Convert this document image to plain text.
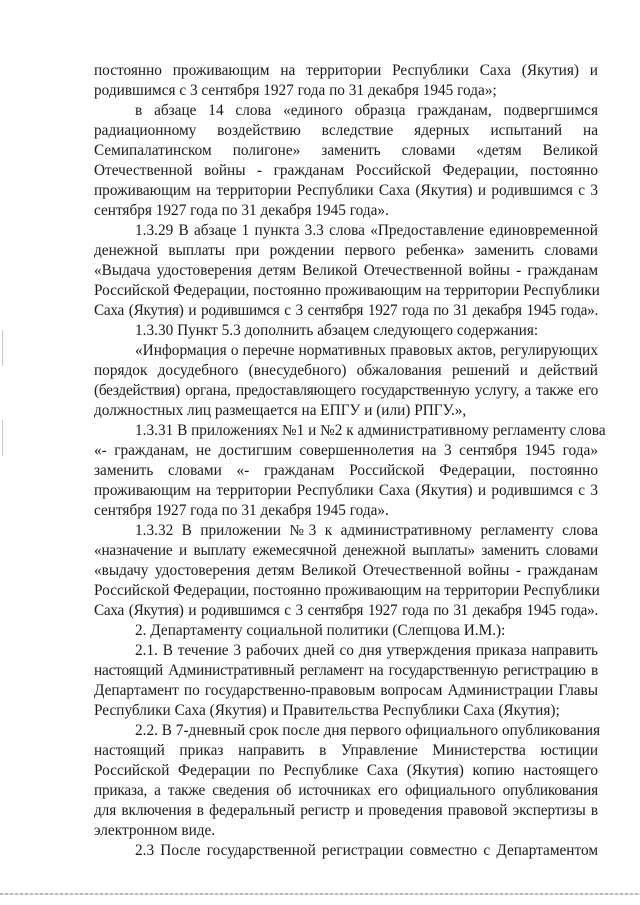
постоянно проживающим на территории Республики Саха (Якутия) и
родившимся с 3 сентября 1927 года по 31 декабря 1945 года»;
в абзаце 14 слова «единого образца гражданам, подвергшимся
радиационному воздействию вследствие ядерных испытаний на
Семипалатинском полигоне» заменить словами «детям Великой
Отечественной войны - гражданам Российской Федерации, постоянно
проживающим на территории Республики Саха (Якутия) и родившимся с 3
сентября 1927 года по 31 декабря 1945 года».
1.3.29 В абзаце 1 пункта 3.3 слова «Предоставление единовременной
денежной выплаты при рождении первого ребенка» заменить словами
«Выдача удостоверения детям Великой Отечественной войны - гражданам
Российской Федерации, постоянно проживающим на территории Республики
Саха (Якутия) и родившимся с 3 сентября 1927 года по 31 декабря 1945 года».
1.3.30 Пункт 5.3 дополнить абзацем следующего содержания:
«Информация о перечне нормативных правовых актов, регулирующих
порядок досудебного (внесудебного) обжалования решений и действий
(бездействия) органа, предоставляющего государственную услугу, а также его
должностных лиц размещается на ЕПГУ и (или) РПГУ.»,
1.3.31 В приложениях №1 и №2 к административному регламенту слова
«- гражданам, не достигшим совершеннолетия на 3 сентября 1945 года»
заменить словами «- гражданам Российской Федерации, постоянно
проживающим на территории Республики Саха (Якутия) и родившимся с 3
сентября 1927 года по 31 декабря 1945 года».
1.3.32 В приложении №3 к административному регламенту слова
«назначение и выплату ежемесячной денежной выплаты» заменить словами
«выдачу удостоверения детям Великой Отечественной войны - гражданам
Российской Федерации, постоянно проживающим на территории Республики
Саха (Якутия) и родившимся с 3 сентября 1927 года по 31 декабря 1945 года».
2. Департаменту социальной политики (Слепцова И.М.):
2.1. В течение 3 рабочих дней со дня утверждения приказа направить
настоящий Административный регламент на государственную регистрацию в
Департамент по государственно-правовым вопросам Администрации Главы
Республики Саха (Якутия) и Правительства Республики Саха (Якутия);
2.2. В 7-дневный срок после дня первого официального опубликования
настоящий приказ направить в Управление Министерства юстиции
Российской Федерации по Республике Саха (Якутия) копию настоящего
приказа, а также сведения об источниках его официального опубликования
для включения в федеральный регистр и проведения правовой экспертизы в
электронном виде.
2.3 После государственной регистрации совместно с Департаментом
